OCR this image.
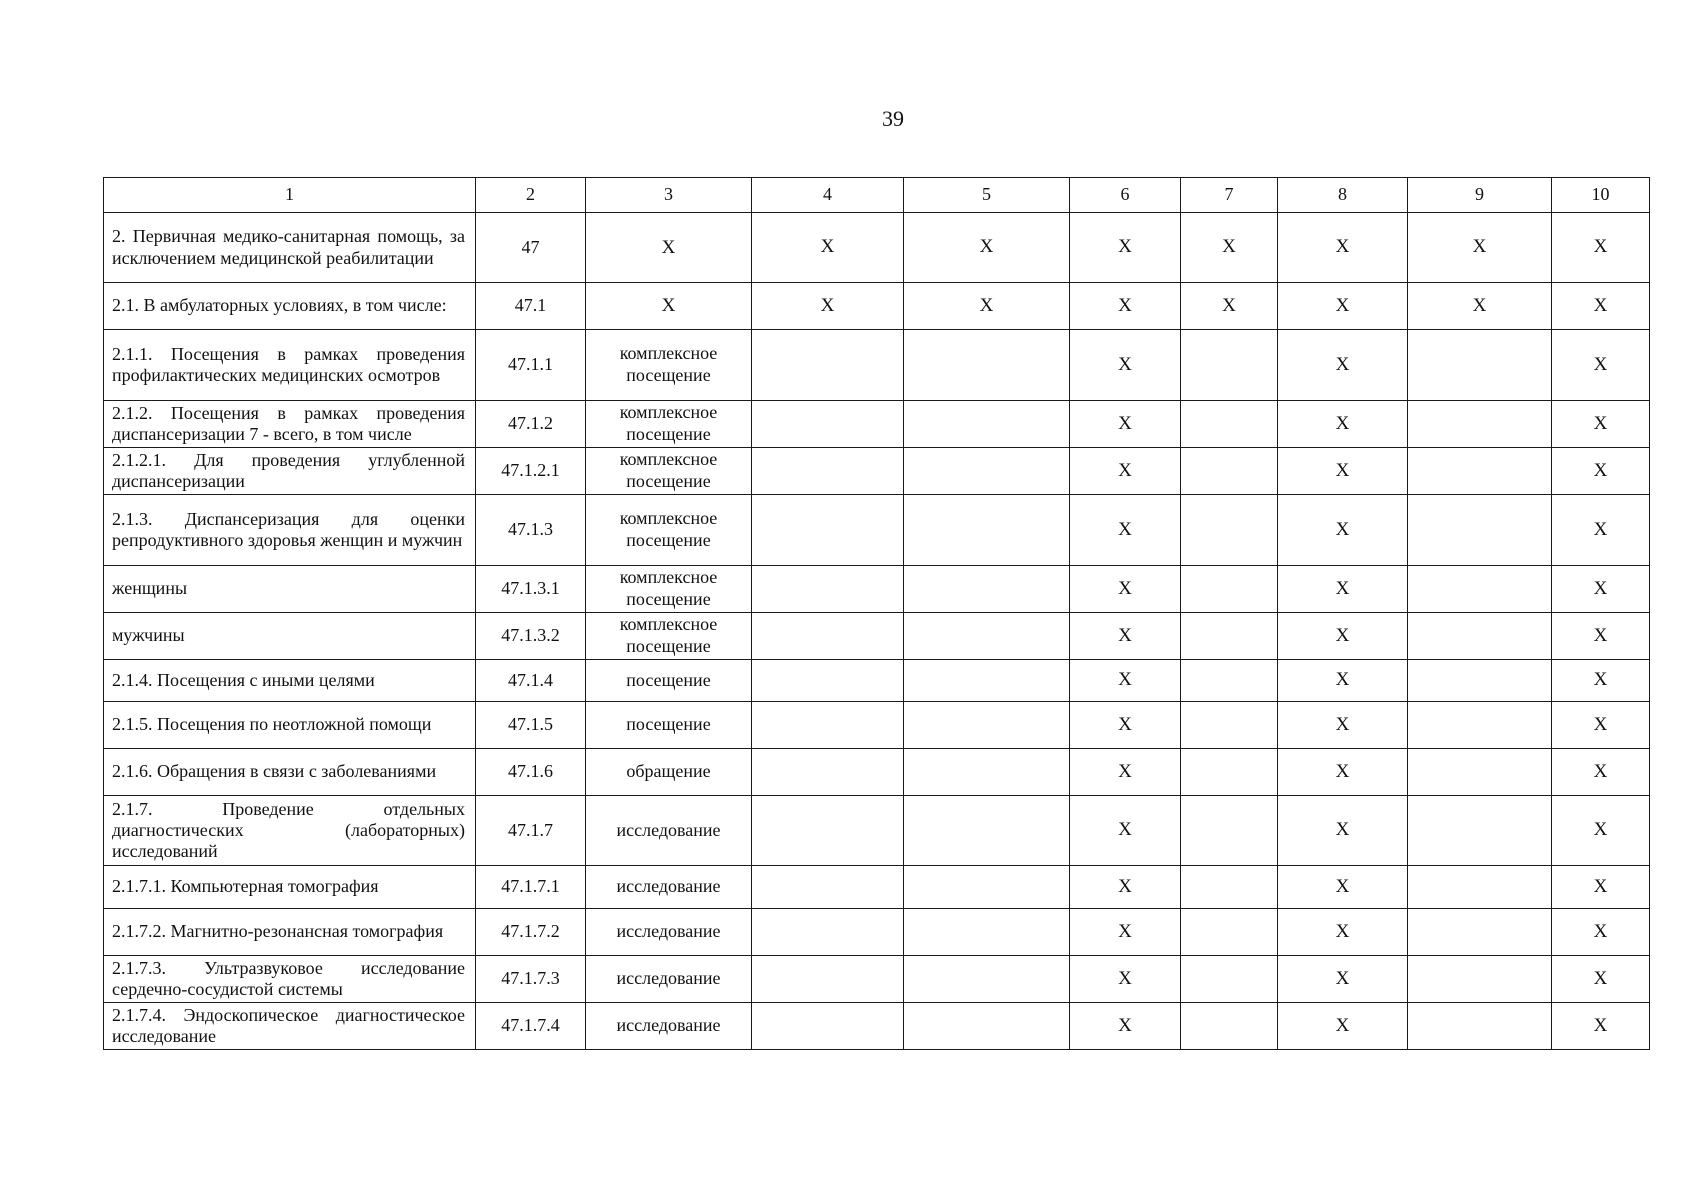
39
1	2	3	4	5	6	7	8	9	10
2. Первичная медико-санитарная помощь, за исключением медицинской реабилитации	47	Х	Х	Х	Х	Х	Х	Х	Х
2.1. В амбулаторных условиях, в том числе:	47.1	Х	Х	Х	Х	Х	Х	Х	Х
2.1.1. Посещения в рамках проведения профилактических медицинских осмотров	47.1.1	комплексное посещение			Х		Х		Х
2.1.2. Посещения в рамках проведения диспансеризации 7 - всего, в том числе	47.1.2	комплексное посещение			Х		Х		Х
2.1.2.1. Для проведения углубленной диспансеризации	47.1.2.1	комплексное посещение			Х		Х		Х
2.1.3. Диспансеризация для оценки репродуктивного здоровья женщин и мужчин	47.1.3	комплексное посещение			Х		Х		Х
женщины	47.1.3.1	комплексное посещение			Х		Х		Х
мужчины	47.1.3.2	комплексное посещение			Х		Х		Х
2.1.4. Посещения с иными целями	47.1.4	посещение			Х		Х		Х
2.1.5. Посещения по неотложной помощи	47.1.5	посещение			Х		Х		Х
2.1.6. Обращения в связи с заболеваниями	47.1.6	обращение			Х		Х		Х
2.1.7. Проведение отдельных диагностических (лабораторных) исследований	47.1.7	исследование			Х		Х		Х
2.1.7.1. Компьютерная томография	47.1.7.1	исследование			Х		Х		Х
2.1.7.2. Магнитно-резонансная томография	47.1.7.2	исследование			Х		Х		Х
2.1.7.3. Ультразвуковое исследование сердечно-сосудистой системы	47.1.7.3	исследование			Х		Х		Х
2.1.7.4. Эндоскопическое диагностическое исследование	47.1.7.4	исследование			Х		Х		Х
